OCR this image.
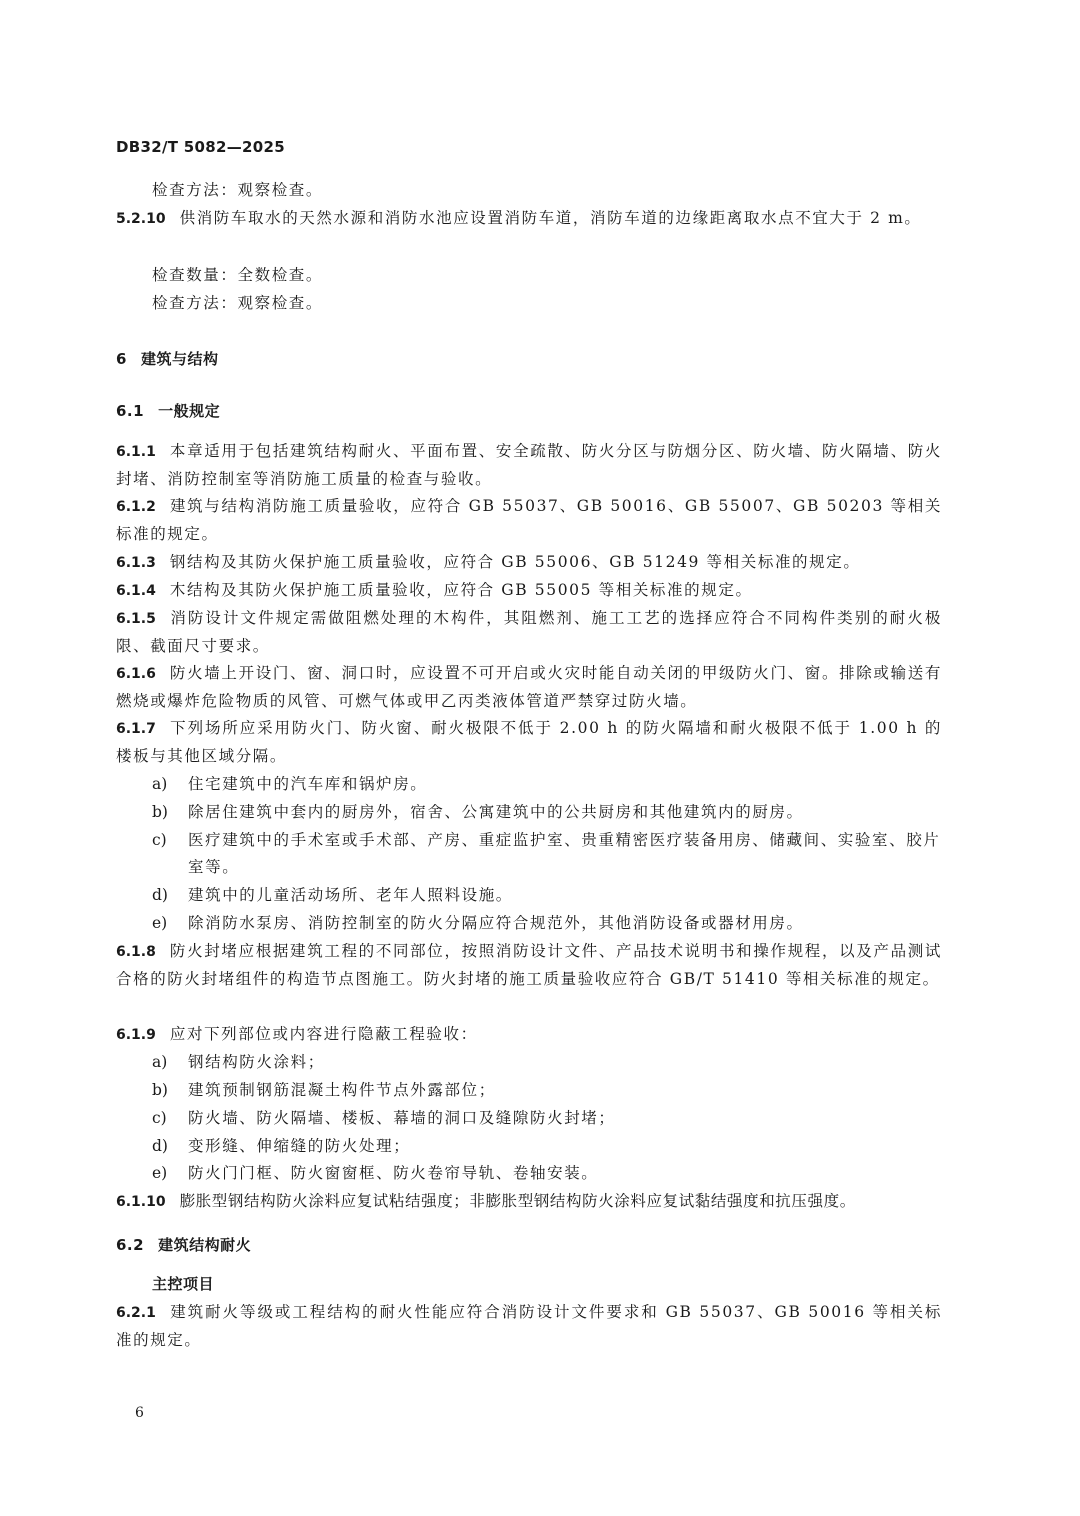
DB32/T 5082—2025
检查方法：观察检查。
5.2.10 供消防车取水的天然水源和消防水池应设置消防车道，消防车道的边缘距离取水点不宜大于 2 m。
检查数量：全数检查。
检查方法：观察检查。
6 建筑与结构
6.1 一般规定
6.1.1 本章适用于包括建筑结构耐火、平面布置、安全疏散、防火分区与防烟分区、防火墙、防火隔墙、防火封堵、消防控制室等消防施工质量的检查与验收。
6.1.2 建筑与结构消防施工质量验收，应符合 GB 55037、GB 50016、GB 55007、GB 50203 等相关标准的规定。
6.1.3 钢结构及其防火保护施工质量验收，应符合 GB 55006、GB 51249 等相关标准的规定。
6.1.4 木结构及其防火保护施工质量验收，应符合 GB 55005 等相关标准的规定。
6.1.5 消防设计文件规定需做阻燃处理的木构件，其阻燃剂、施工工艺的选择应符合不同构件类别的耐火极限、截面尺寸要求。
6.1.6 防火墙上开设门、窗、洞口时，应设置不可开启或火灾时能自动关闭的甲级防火门、窗。排除或输送有燃烧或爆炸危险物质的风管、可燃气体或甲乙丙类液体管道严禁穿过防火墙。
6.1.7 下列场所应采用防火门、防火窗、耐火极限不低于 2.00 h 的防火隔墙和耐火极限不低于 1.00 h 的楼板与其他区域分隔。
a)	住宅建筑中的汽车库和锅炉房。
b)	除居住建筑中套内的厨房外，宿舍、公寓建筑中的公共厨房和其他建筑内的厨房。
c)	医疗建筑中的手术室或手术部、产房、重症监护室、贵重精密医疗装备用房、储藏间、实验室、胶片室等。
d)	建筑中的儿童活动场所、老年人照料设施。
e)	除消防水泵房、消防控制室的防火分隔应符合规范外，其他消防设备或器材用房。
6.1.8 防火封堵应根据建筑工程的不同部位，按照消防设计文件、产品技术说明书和操作规程，以及产品测试合格的防火封堵组件的构造节点图施工。防火封堵的施工质量验收应符合 GB/T 51410 等相关标准的规定。
6.1.9 应对下列部位或内容进行隐蔽工程验收：
a)	钢结构防火涂料；
b)	建筑预制钢筋混凝土构件节点外露部位；
c)	防火墙、防火隔墙、楼板、幕墙的洞口及缝隙防火封堵；
d)	变形缝、伸缩缝的防火处理；
e)	防火门门框、防火窗窗框、防火卷帘导轨、卷轴安装。
6.1.10 膨胀型钢结构防火涂料应复试粘结强度；非膨胀型钢结构防火涂料应复试黏结强度和抗压强度。
6.2 建筑结构耐火
主控项目
6.2.1 建筑耐火等级或工程结构的耐火性能应符合消防设计文件要求和 GB 55037、GB 50016 等相关标准的规定。
6
